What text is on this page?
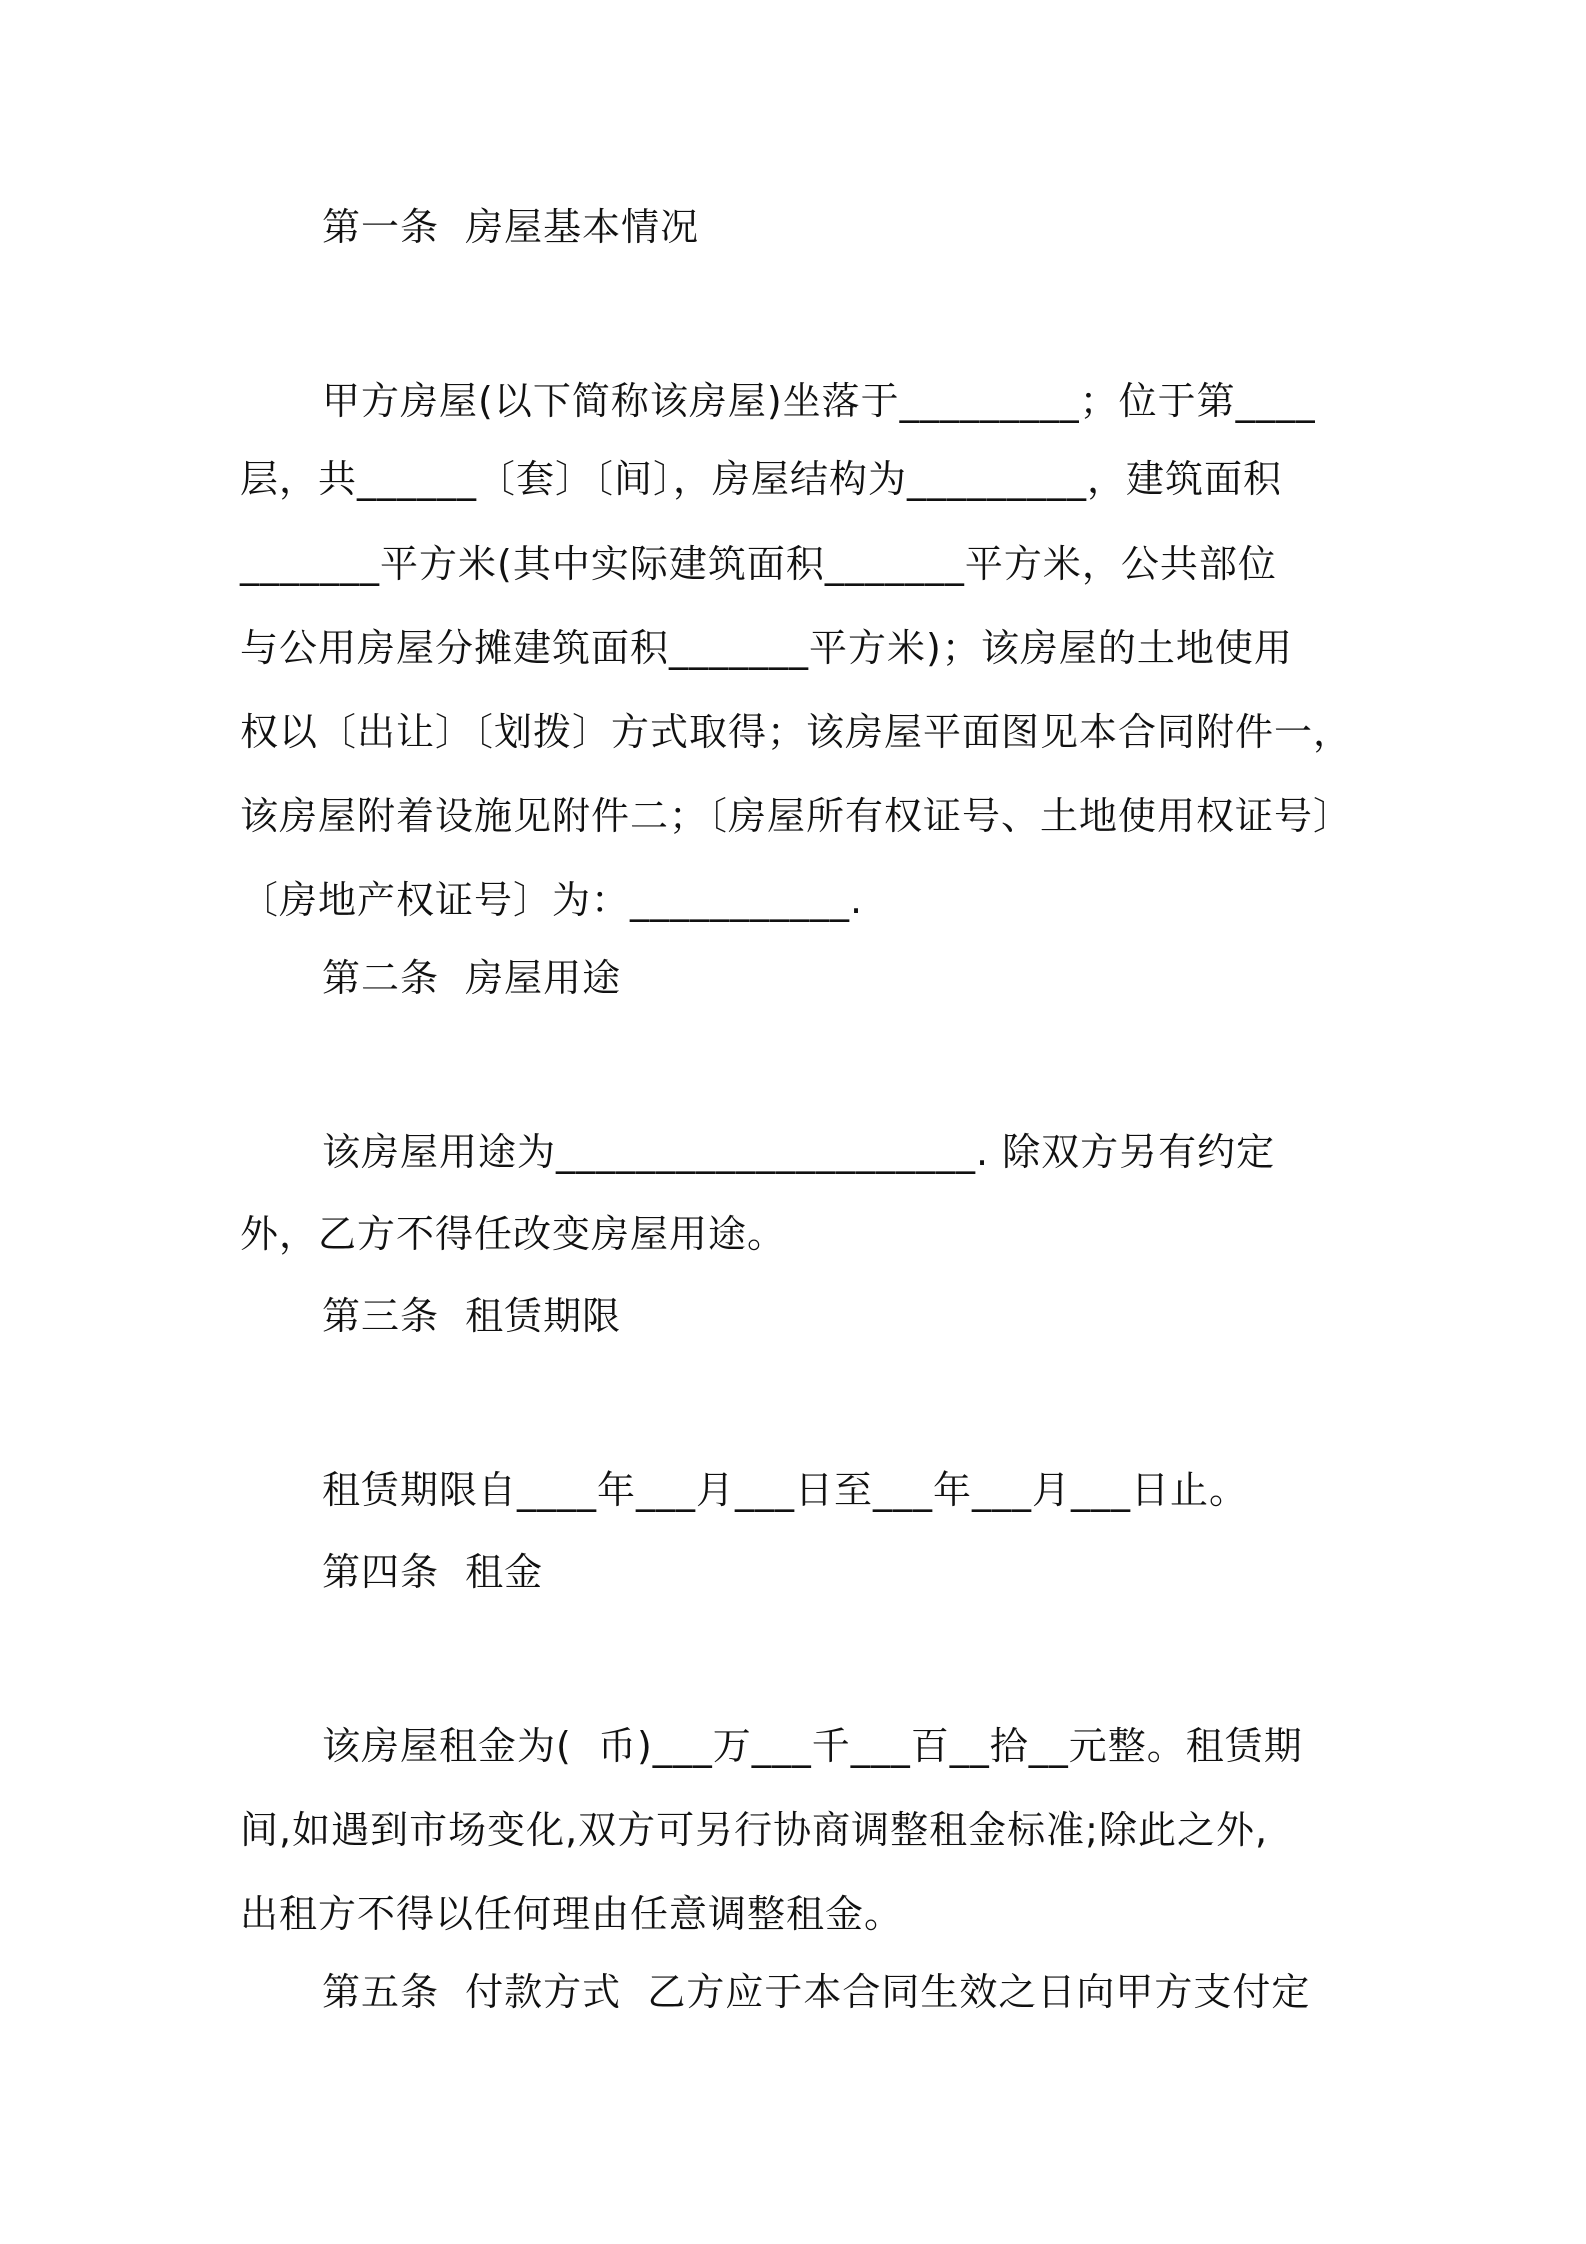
第一条  房屋基本情况

甲方房屋(以下简称该房屋)坐落于_________；位于第____

层，共______〔套〕〔间〕，房屋结构为_________，建筑面积

_______平方米(其中实际建筑面积_______平方米，公共部位

与公用房屋分摊建筑面积_______平方米)；该房屋的土地使用

权以〔出让〕〔划拨〕方式取得；该房屋平面图见本合同附件一，

该房屋附着设施见附件二；〔房屋所有权证号、土地使用权证号〕

〔房地产权证号〕为：___________.

第二条  房屋用途

该房屋用途为_____________________. 除双方另有约定

外，乙方不得任改变房屋用途。

第三条  租赁期限

租赁期限自____年___月___日至___年___月___日止。

第四条  租金

该房屋租金为(  币)___万___千___百__拾__元整。租赁期

间,如遇到市场变化,双方可另行协商调整租金标准;除此之外,

出租方不得以任何理由任意调整租金。

第五条  付款方式  乙方应于本合同生效之日向甲方支付定
